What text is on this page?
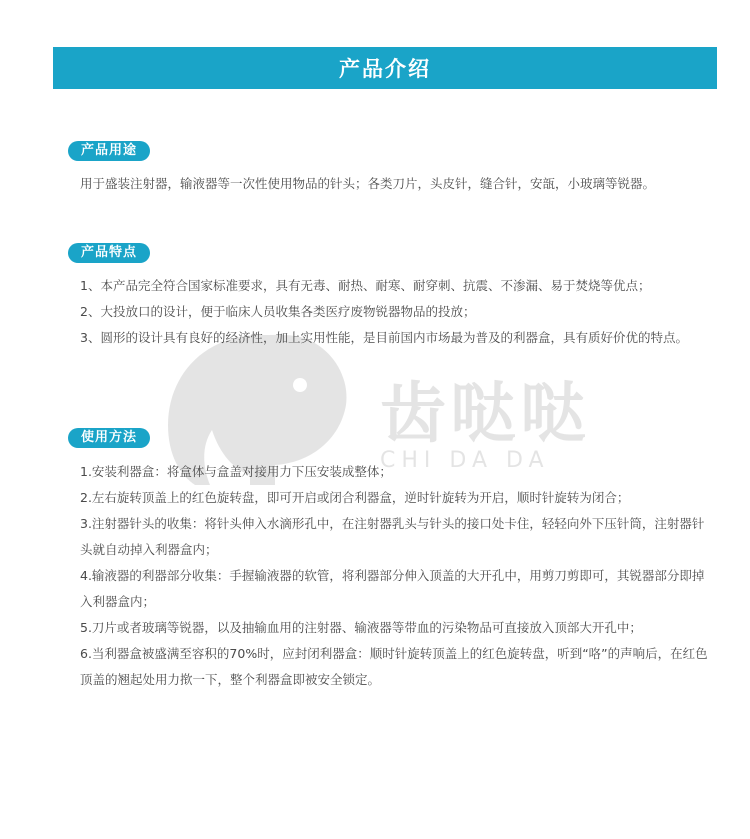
产品介绍
齿哒哒
CHI DA DA
产品用途

用于盛装注射器，输液器等一次性使用物品的针头；各类刀片，头皮针，缝合针，安瓿，小玻璃等锐器。

产品特点

1、本产品完全符合国家标准要求，具有无毒、耐热、耐寒、耐穿刺、抗震、不渗漏、易于焚烧等优点；

2、大投放口的设计，便于临床人员收集各类医疗废物锐器物品的投放；

3、圆形的设计具有良好的经济性，加上实用性能，是目前国内市场最为普及的利器盒，具有质好价优的特点。

使用方法

1.安装利器盒：将盒体与盒盖对接用力下压安装成整体；

2.左右旋转顶盖上的红色旋转盘，即可开启或闭合利器盒，逆时针旋转为开启，顺时针旋转为闭合；

3.注射器针头的收集：将针头伸入水滴形孔中，在注射器乳头与针头的接口处卡住，轻轻向外下压针筒，注射器针头就自动掉入利器盒内；

4.输液器的利器部分收集：手握输液器的软管，将利器部分伸入顶盖的大开孔中，用剪刀剪即可，其锐器部分即掉入利器盒内；

5.刀片或者玻璃等锐器，以及抽输血用的注射器、输液器等带血的污染物品可直接放入顶部大开孔中；

6.当利器盒被盛满至容积的70%时，应封闭利器盒：顺时针旋转顶盖上的红色旋转盘，听到“咯”的声响后，在红色顶盖的翘起处用力揿一下，整个利器盒即被安全锁定。
